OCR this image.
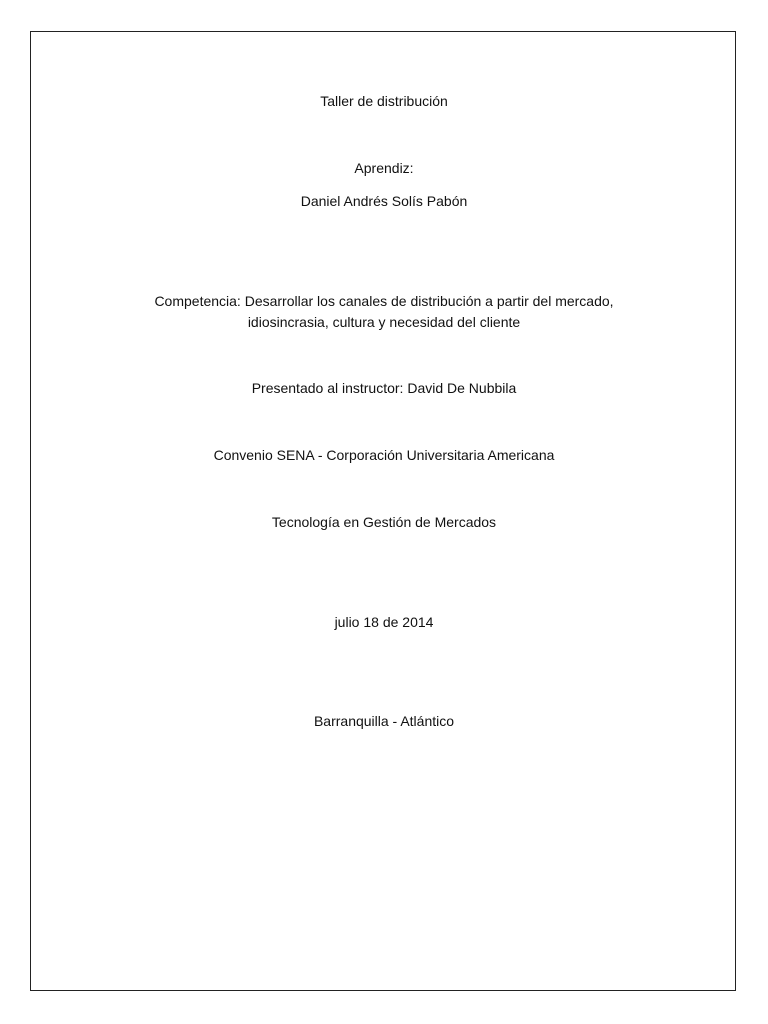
Taller de distribución
Aprendiz:
Daniel Andrés Solís Pabón
Competencia: Desarrollar los canales de distribución a partir del mercado,
idiosincrasia, cultura y necesidad del cliente
Presentado al instructor: David De Nubbila
Convenio SENA - Corporación Universitaria Americana
Tecnología en Gestión de Mercados
julio 18 de 2014
Barranquilla - Atlántico
